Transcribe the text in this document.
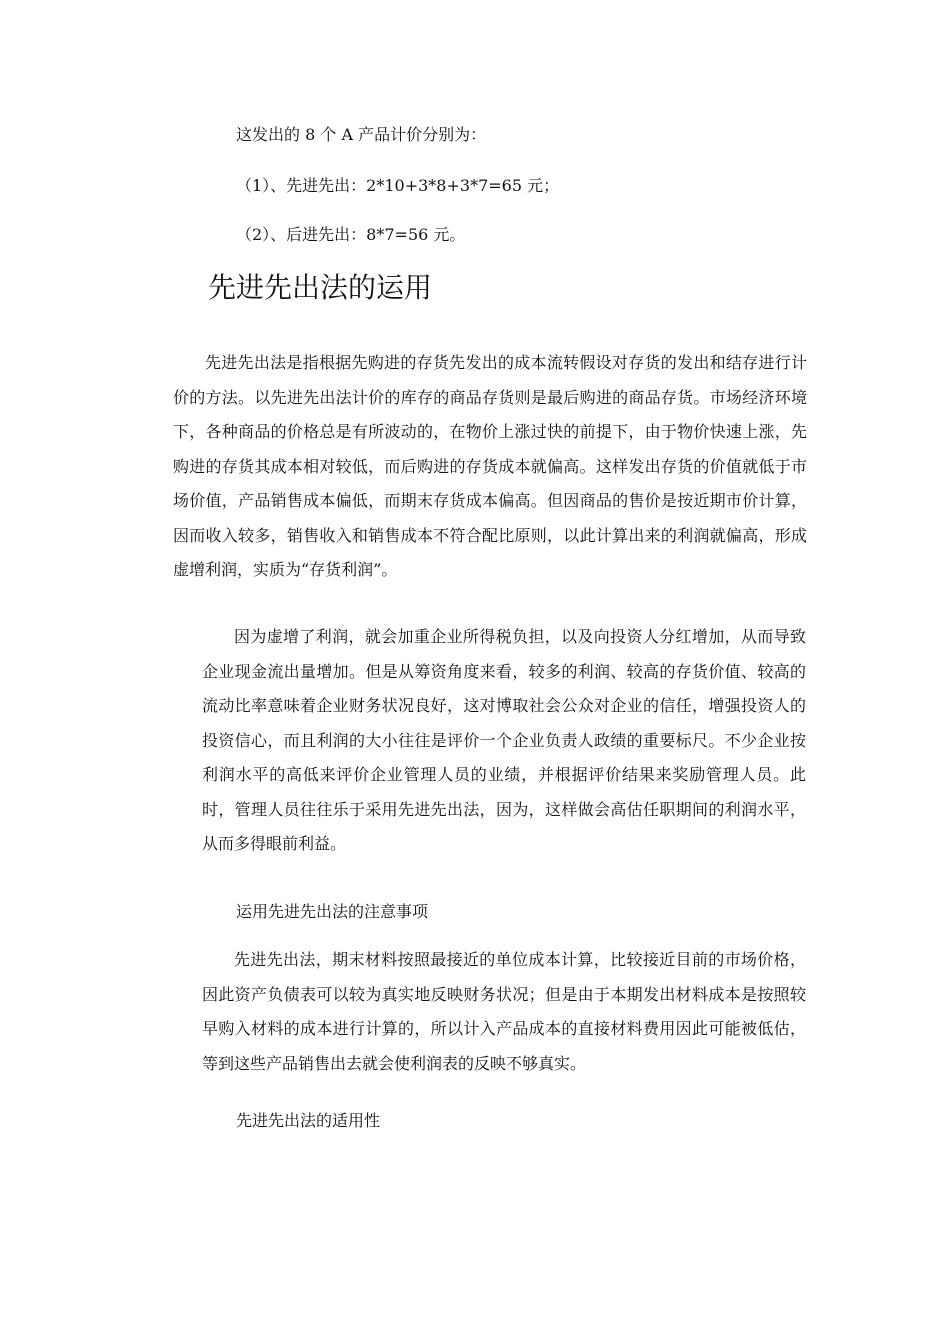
这发出的 8 个 A 产品计价分别为：
（1）、先进先出：2*10+3*8+3*7=65 元；
（2）、后进先出：8*7=56 元。
先进先出法的运用

先进先出法是指根据先购进的存货先发出的成本流转假设对存货的发出和结存进行计价的方法。以先进先出法计价的库存的商品存货则是最后购进的商品存货。市场经济环境下，各种商品的价格总是有所波动的，在物价上涨过快的前提下，由于物价快速上涨，先购进的存货其成本相对较低，而后购进的存货成本就偏高。这样发出存货的价值就低于市场价值，产品销售成本偏低，而期末存货成本偏高。但因商品的售价是按近期市价计算，因而收入较多，销售收入和销售成本不符合配比原则，以此计算出来的利润就偏高，形成虚增利润，实质为“存货利润”。

因为虚增了利润，就会加重企业所得税负担，以及向投资人分红增加，从而导致企业现金流出量增加。但是从筹资角度来看，较多的利润、较高的存货价值、较高的流动比率意味着企业财务状况良好，这对博取社会公众对企业的信任，增强投资人的投资信心，而且利润的大小往往是评价一个企业负责人政绩的重要标尺。不少企业按利润水平的高低来评价企业管理人员的业绩，并根据评价结果来奖励管理人员。此时，管理人员往往乐于采用先进先出法，因为，这样做会高估任职期间的利润水平，从而多得眼前利益。

运用先进先出法的注意事项

先进先出法，期末材料按照最接近的单位成本计算，比较接近目前的市场价格，因此资产负债表可以较为真实地反映财务状况；但是由于本期发出材料成本是按照较早购入材料的成本进行计算的，所以计入产品成本的直接材料费用因此可能被低估，等到这些产品销售出去就会使利润表的反映不够真实。

先进先出法的适用性
